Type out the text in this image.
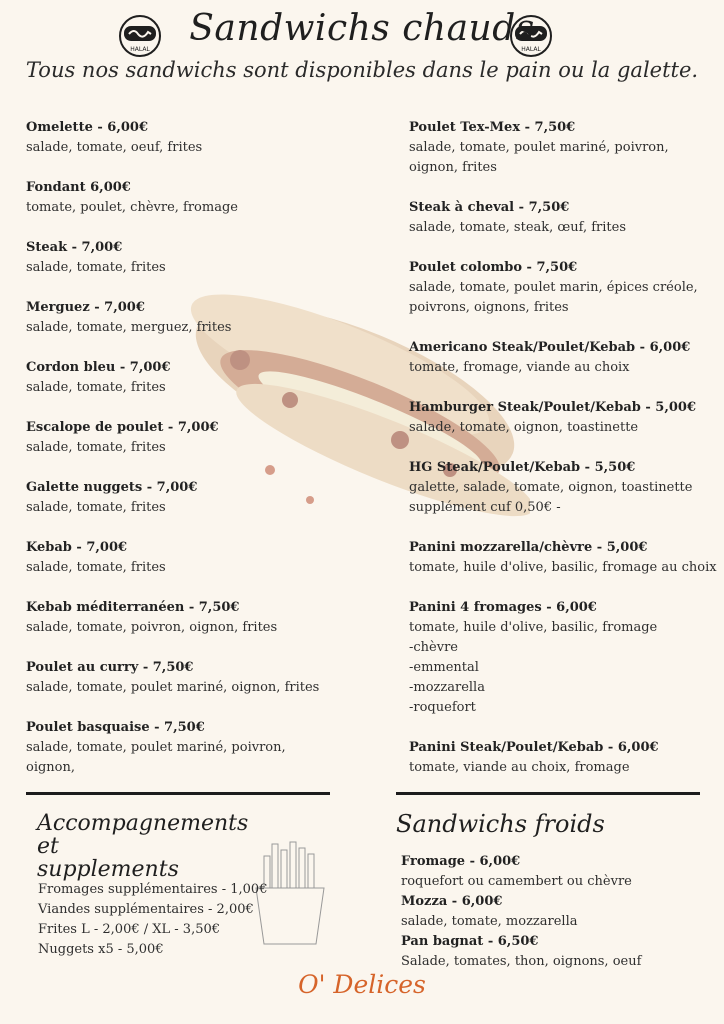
HALAL	HALAL
Sandwichs chauds
Tous nos sandwichs sont disponibles dans le pain ou la galette.
Omelette - 6,00€
salade, tomate, oeuf, frites
Fondant 6,00€
tomate, poulet, chèvre, fromage
Steak - 7,00€
salade, tomate, frites
Merguez - 7,00€
salade, tomate, merguez, frites
Cordon bleu - 7,00€
salade, tomate, frites
Escalope de poulet - 7,00€
salade, tomate, frites
Galette nuggets - 7,00€
salade, tomate, frites
Kebab - 7,00€
salade, tomate, frites
Kebab méditerranéen - 7,50€
salade, tomate, poivron, oignon, frites
Poulet au curry - 7,50€
salade, tomate, poulet mariné, oignon, frites
Poulet basquaise - 7,50€
salade, tomate, poulet mariné, poivron,
oignon,
Poulet Tex-Mex - 7,50€
salade, tomate, poulet mariné, poivron,
oignon, frites
Steak à cheval - 7,50€
salade, tomate, steak, œuf, frites
Poulet colombo - 7,50€
salade, tomate, poulet marin, épices créole,
poivrons, oignons, frites
Americano Steak/Poulet/Kebab - 6,00€
tomate, fromage, viande au choix
Hamburger Steak/Poulet/Kebab - 5,00€
salade, tomate, oignon, toastinette
HG Steak/Poulet/Kebab - 5,50€
galette, salade, tomate, oignon, toastinette
supplément cuf 0,50€ -
Panini mozzarella/chèvre - 5,00€
tomate, huile d'olive, basilic, fromage au choix
Panini 4 fromages - 6,00€
tomate, huile d'olive, basilic, fromage
-chèvre
-emmental
-mozzarella
-roquefort
Panini Steak/Poulet/Kebab - 6,00€
tomate, viande au choix, fromage
Accompagnements et
supplements
Fromages supplémentaires - 1,00€
Viandes supplémentaires - 2,00€
Frites L - 2,00€ / XL - 3,50€
Nuggets x5 - 5,00€
Sandwichs froids
Fromage - 6,00€
roquefort ou camembert ou chèvre
Mozza - 6,00€
salade, tomate, mozzarella
Pan bagnat - 6,50€
Salade, tomates, thon, oignons, oeuf
O' Delices
